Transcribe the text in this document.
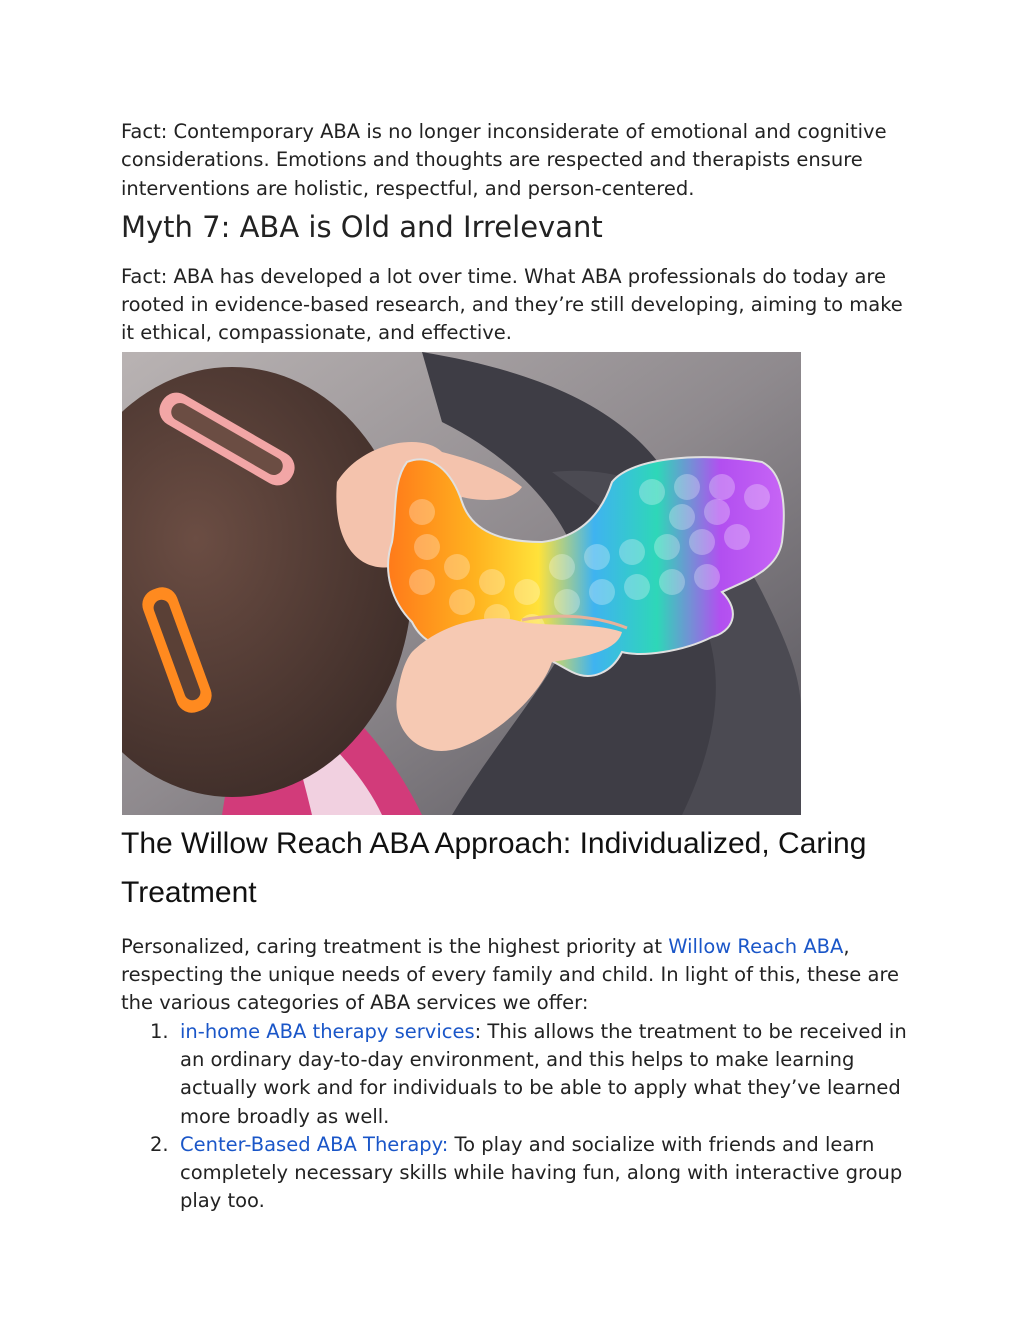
Fact: Contemporary ABA is no longer inconsiderate of emotional and cognitive considerations. Emotions and thoughts are respected and therapists ensure interventions are holistic, respectful, and person-centered.

Myth 7: ABA is Old and Irrelevant

Fact: ABA has developed a lot over time. What ABA professionals do today are rooted in evidence-based research, and they’re still developing, aiming to make it ethical, compassionate, and effective.

The Willow Reach ABA Approach: Individualized, Caring Treatment

Personalized, caring treatment is the highest priority at Willow Reach ABA, respecting the unique needs of every family and child. In light of this, these are the various categories of ABA services we offer:

1. in-home ABA therapy services: This allows the treatment to be received in an ordinary day-to-day environment, and this helps to make learning actually work and for individuals to be able to apply what they’ve learned more broadly as well.
2. Center-Based ABA Therapy: To play and socialize with friends and learn completely necessary skills while having fun, along with interactive group play too.
